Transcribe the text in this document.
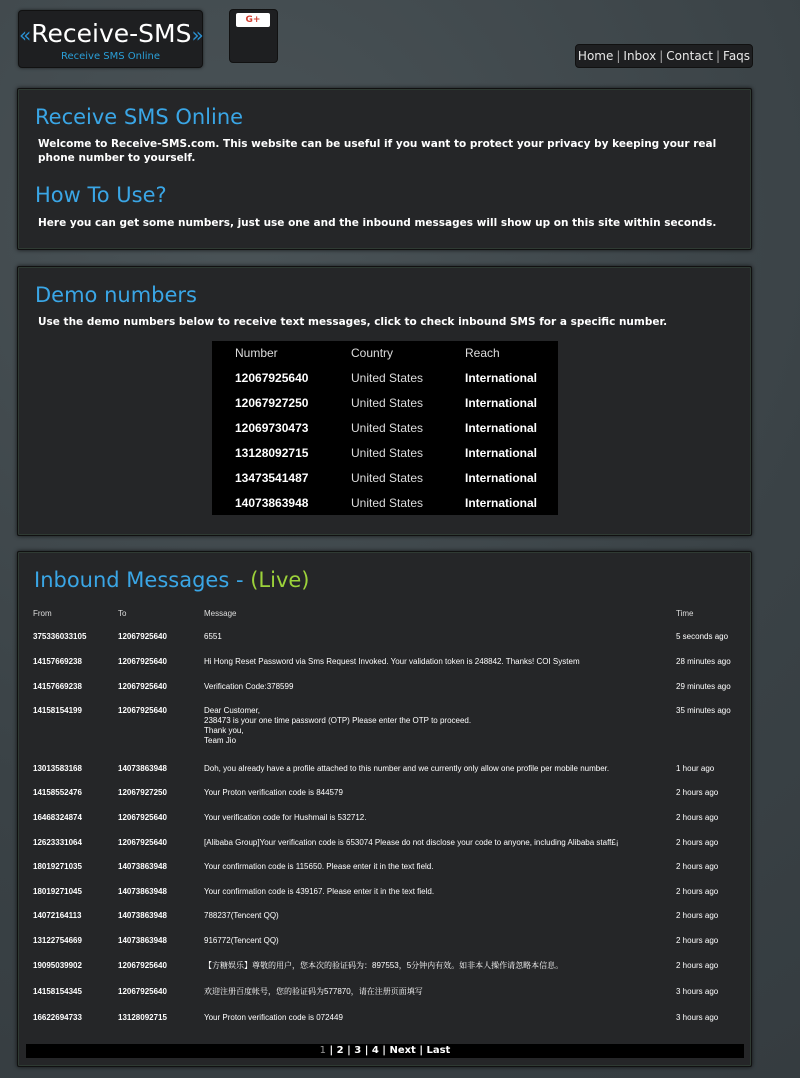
«Receive-SMS»
Receive SMS Online
G+
Home | Inbox | Contact | Faqs
Receive SMS Online

Welcome to Receive-SMS.com. This website can be useful if you want to protect your privacy by keeping your real phone number to yourself.

How To Use?

Here you can get some numbers, just use one and the inbound messages will show up on this site within seconds.

Demo numbers

Use the demo numbers below to receive text messages, click to check inbound SMS for a specific number.

Number	Country	Reach
12067925640	United States	International
12067927250	United States	International
12069730473	United States	International
13128092715	United States	International
13473541487	United States	International
14073863948	United States	International
Inbound Messages - (Live)
From	To	Message	Time
375336033105	12067925640	6551	5 seconds ago
14157669238	12067925640	Hi Hong Reset Password via Sms Request Invoked. Your validation token is 248842. Thanks! COI System	28 minutes ago
14157669238	12067925640	Verification Code:378599	29 minutes ago
14158154199	12067925640	Dear Customer,
238473 is your one time password (OTP) Please enter the OTP to proceed.
Thank you,
Team Jio
35 minutes ago
13013583168	14073863948	Doh, you already have a profile attached to this number and we currently only allow one profile per mobile number.	1 hour ago
14158552476	12067927250	Your Proton verification code is 844579	2 hours ago
16468324874	12067925640	Your verification code for Hushmail is 532712.	2 hours ago
12623331064	12067925640	[Alibaba Group]Your verification code is 653074 Please do not disclose your code to anyone, including Alibaba staff£¡	2 hours ago
18019271035	14073863948	Your confirmation code is 115650. Please enter it in the text field.	2 hours ago
18019271045	14073863948	Your confirmation code is 439167. Please enter it in the text field.	2 hours ago
14072164113	14073863948	788237(Tencent QQ)	2 hours ago
13122754669	14073863948	916772(Tencent QQ)	2 hours ago
19095039902	12067925640	【方糖娱乐】尊敬的用户，您本次的验证码为：897553，5分钟内有效。如非本人操作请忽略本信息。	2 hours ago
14158154345	12067925640	欢迎注册百度帐号，您的验证码为577870，请在注册页面填写	3 hours ago
16622694733	13128092715	Your Proton verification code is 072449	3 hours ago
1 | 2 | 3 | 4 | Next | Last
